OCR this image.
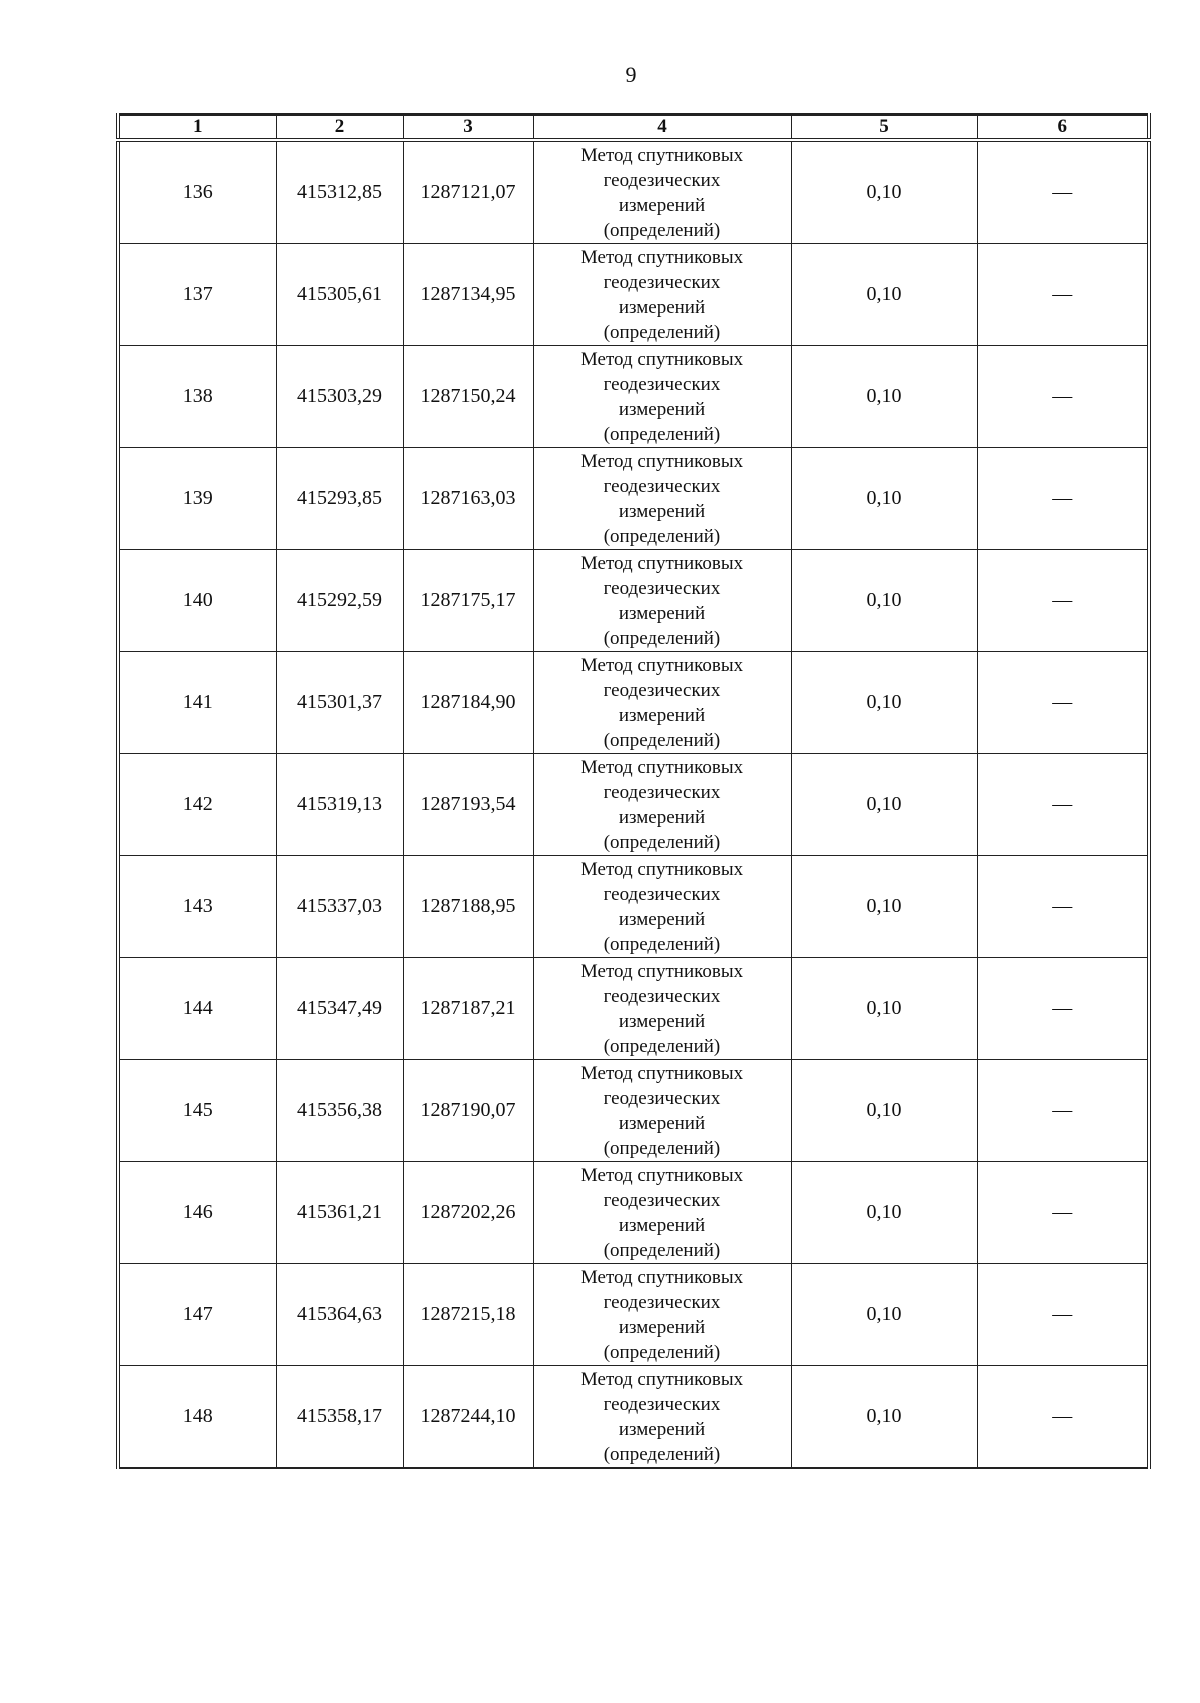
9
1	2	3	4	5	6
136	415312,85	1287121,07	Метод спутниковых
геодезических
измерений
(определений)	0,10	—
137	415305,61	1287134,95	Метод спутниковых
геодезических
измерений
(определений)	0,10	—
138	415303,29	1287150,24	Метод спутниковых
геодезических
измерений
(определений)	0,10	—
139	415293,85	1287163,03	Метод спутниковых
геодезических
измерений
(определений)	0,10	—
140	415292,59	1287175,17	Метод спутниковых
геодезических
измерений
(определений)	0,10	—
141	415301,37	1287184,90	Метод спутниковых
геодезических
измерений
(определений)	0,10	—
142	415319,13	1287193,54	Метод спутниковых
геодезических
измерений
(определений)	0,10	—
143	415337,03	1287188,95	Метод спутниковых
геодезических
измерений
(определений)	0,10	—
144	415347,49	1287187,21	Метод спутниковых
геодезических
измерений
(определений)	0,10	—
145	415356,38	1287190,07	Метод спутниковых
геодезических
измерений
(определений)	0,10	—
146	415361,21	1287202,26	Метод спутниковых
геодезических
измерений
(определений)	0,10	—
147	415364,63	1287215,18	Метод спутниковых
геодезических
измерений
(определений)	0,10	—
148	415358,17	1287244,10	Метод спутниковых
геодезических
измерений
(определений)	0,10	—
